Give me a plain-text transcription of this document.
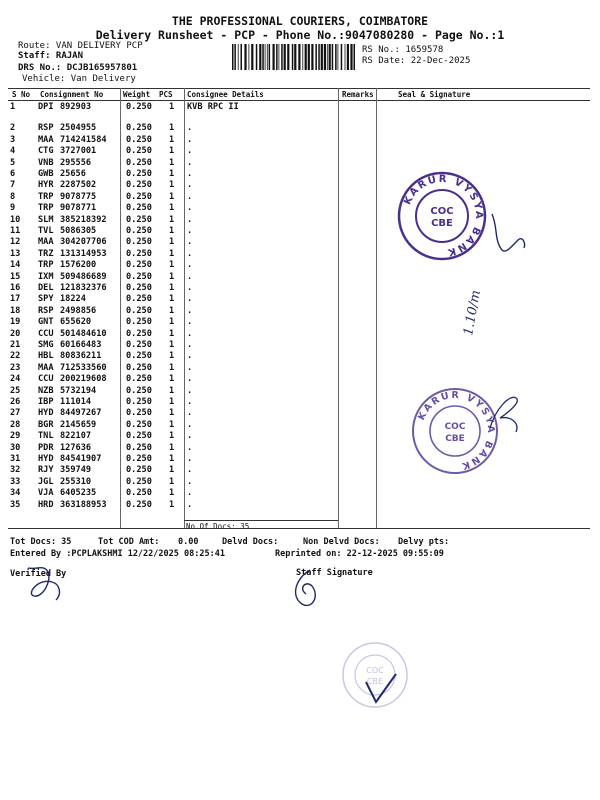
THE PROFESSIONAL COURIERS, COIMBATORE
Delivery Runsheet - PCP - Phone No.:9047080280 - Page No.:1
Route: VAN DELIVERY PCP
Staff: RAJAN
DRS No.: DCJB165957801
Vehicle: Van Delivery
RS No.: 1659578
RS Date: 22-Dec-2025
S No Consignment No	Weight PCS Consignee Details	Remarks	Seal & Signature
1	DPI 892903	0.250 1 KVB RPC II
2	RSP 2504955	0.250 1 .
3	MAA 714241584 0.250 1 .
4	CTG 3727001	0.250 1 .
5	VNB 295556	0.250 1 .
6	GWB 25656	0.250 1 .
7	HYR 2287502	0.250 1 .
8	TRP 9078775	0.250 1 .
9	TRP 9078771	0.250 1 .
10 SLM 385218392 0.250 1 .
11 TVL 5086305	0.250 1 .
12 MAA 304207706 0.250 1 .
13 TRZ 131314953 0.250 1 .
14 TRP 1576200	0.250 1 .
15 IXM 509486689 0.250 1 .
16 DEL 121832376 0.250 1 .
17 SPY 18224	0.250 1 .
18 RSP 2498856	0.250 1 .
19 GNT 655620	0.250 1 .
20 CCU 501484610 0.250 1 .
21 SMG 60166483	0.250 1 .
22 HBL 80836211	0.250 1 .
23 MAA 712533560 0.250 1 .
24 CCU 200219608 0.250 1 .
25 NZB 5732194	0.250 1 .
26 IBP 111014	0.250 1 .
27 HYD 84497267	0.250 1 .
28 BGR 2145659	0.250 1 .
29 TNL 822107	0.250 1 .
30 PDR 127636	0.250 1 .
31 HYD 84541907	0.250 1 .
32 RJY 359749	0.250 1 .
33 JGL 255310	0.250 1 .
34 VJA 6405235	0.250 1 .
35 HRD 363188953 0.250 1 .
No.Of Docs: 35
Tot Docs: 35	Tot COD Amt: 0.00	Delvd Docs:	Non Delvd Docs: Delvy pts:
Entered By :PCPLAKSHMI 12/22/2025 08:25:41	Reprinted on: 22-12-2025 09:55:09
Verified By	Staff Signature
KARUR VYSYA BANK
COC
CBE
KARUR VYSYA BANK
COC
CBE
COC
CBE
1.10/m
